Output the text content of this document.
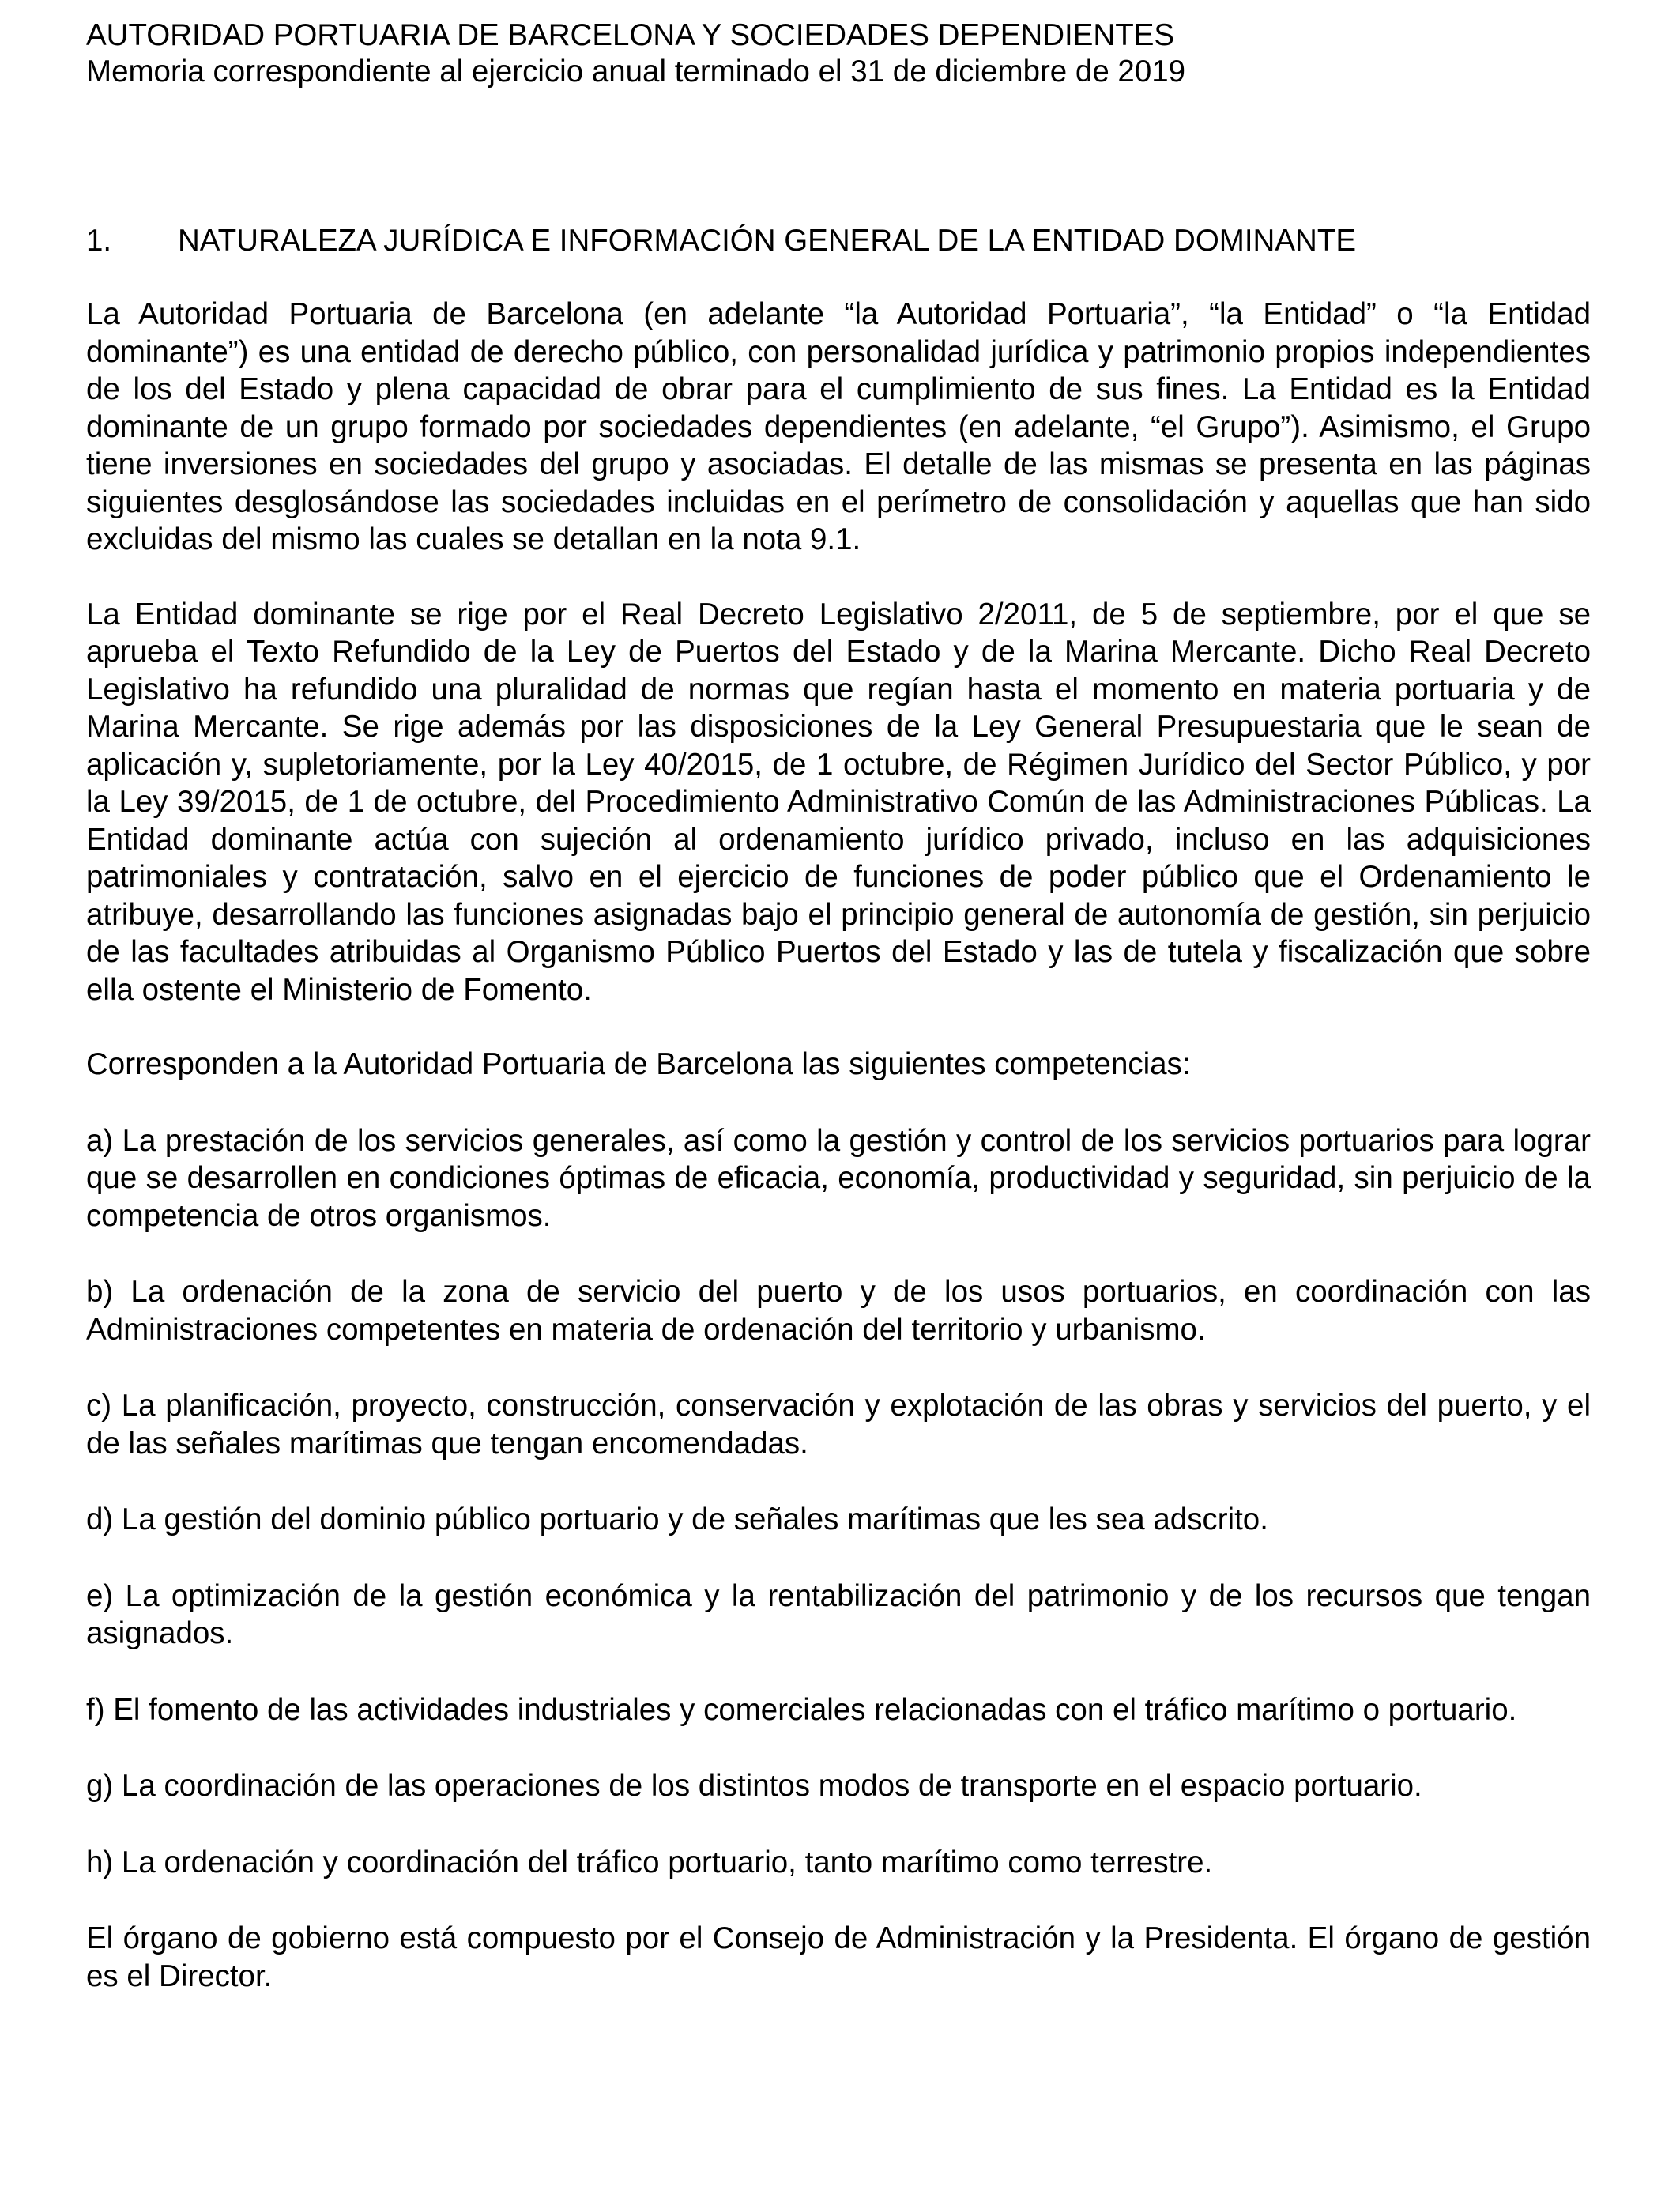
AUTORIDAD PORTUARIA DE BARCELONA Y SOCIEDADES DEPENDIENTES

Memoria correspondiente al ejercicio anual terminado el 31 de diciembre de 2019

1.	NATURALEZA JURÍDICA E INFORMACIÓN GENERAL DE LA ENTIDAD DOMINANTE

La Autoridad Portuaria de Barcelona (en adelante “la Autoridad Portuaria”, “la Entidad” o “la Entidad dominante”) es una entidad de derecho público, con personalidad jurídica y patrimonio propios independientes de los del Estado y plena capacidad de obrar para el cumplimiento de sus fines. La Entidad es la Entidad dominante de un grupo formado por sociedades dependientes (en adelante, “el Grupo”). Asimismo, el Grupo tiene inversiones en sociedades del grupo y asociadas. El detalle de las mismas se presenta en las páginas siguientes desglosándose las sociedades incluidas en el perímetro de consolidación y aquellas que han sido excluidas del mismo las cuales se detallan en la nota 9.1.

La Entidad dominante se rige por el Real Decreto Legislativo 2/2011, de 5 de septiembre, por el que se aprueba el Texto Refundido de la Ley de Puertos del Estado y de la Marina Mercante. Dicho Real Decreto Legislativo ha refundido una pluralidad de normas que regían hasta el momento en materia portuaria y de Marina Mercante. Se rige además por las disposiciones de la Ley General Presupuestaria que le sean de aplicación y, supletoriamente, por la Ley 40/2015, de 1 octubre, de Régimen Jurídico del Sector Público, y por la Ley 39/2015, de 1 de octubre, del Procedimiento Administrativo Común de las Administraciones Públicas. La Entidad dominante actúa con sujeción al ordenamiento jurídico privado, incluso en las adquisiciones patrimoniales y contratación, salvo en el ejercicio de funciones de poder público que el Ordenamiento le atribuye, desarrollando las funciones asignadas bajo el principio general de autonomía de gestión, sin perjuicio de las facultades atribuidas al Organismo Público Puertos del Estado y las de tutela y fiscalización que sobre ella ostente el Ministerio de Fomento.

Corresponden a la Autoridad Portuaria de Barcelona las siguientes competencias:

a) La prestación de los servicios generales, así como la gestión y control de los servicios portuarios para lograr que se desarrollen en condiciones óptimas de eficacia, economía, productividad y seguridad, sin perjuicio de la competencia de otros organismos.

b) La ordenación de la zona de servicio del puerto y de los usos portuarios, en coordinación con las Administraciones competentes en materia de ordenación del territorio y urbanismo.

c) La planificación, proyecto, construcción, conservación y explotación de las obras y servicios del puerto, y el de las señales marítimas que tengan encomendadas.

d) La gestión del dominio público portuario y de señales marítimas que les sea adscrito.

e) La optimización de la gestión económica y la rentabilización del patrimonio y de los recursos que tengan asignados.

f) El fomento de las actividades industriales y comerciales relacionadas con el tráfico marítimo o portuario.

g) La coordinación de las operaciones de los distintos modos de transporte en el espacio portuario.

h) La ordenación y coordinación del tráfico portuario, tanto marítimo como terrestre.

El órgano de gobierno está compuesto por el Consejo de Administración y la Presidenta. El órgano de gestión es el Director.
